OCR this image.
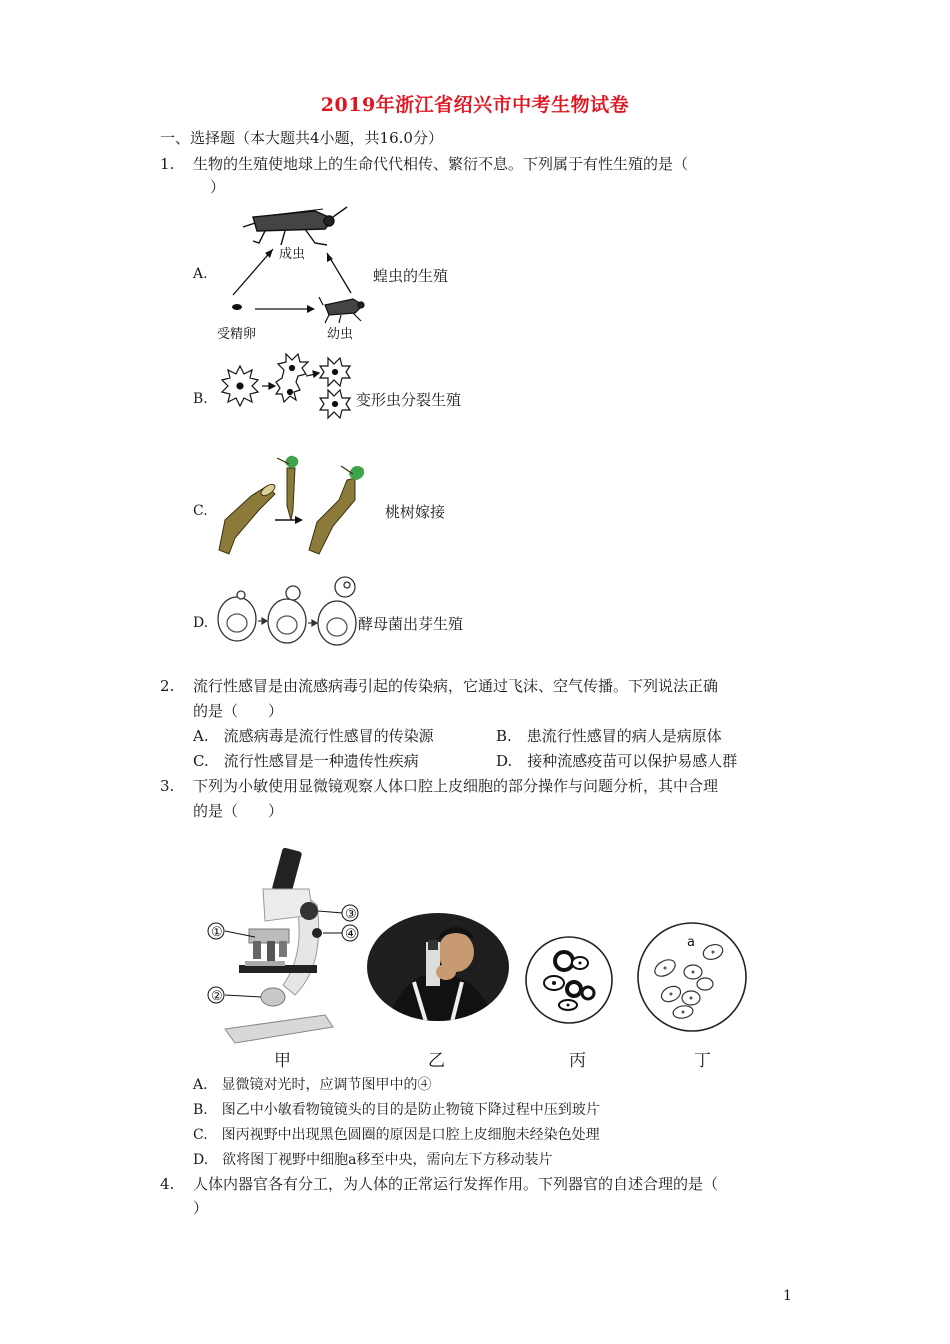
2019年浙江省绍兴市中考生物试卷
一、选择题（本大题共4小题，共16.0分）
1. 生物的生殖使地球上的生命代代相传、繁衍不息。下列属于有性生殖的是（
）
A.
成虫
受精卵	幼虫
蝗虫的生殖
B.	变形虫分裂生殖
C.	桃树嫁接
D.	酵母菌出芽生殖
2. 流行性感冒是由流感病毒引起的传染病，它通过飞沫、空气传播。下列说法正确
的是（　　）
A.　流感病毒是流行性感冒的传染源	B.　患流行性感冒的病人是病原体
C.　流行性感冒是一种遗传性疾病	D.　接种流感疫苗可以保护易感人群
3. 下列为小敏使用显微镜观察人体口腔上皮细胞的部分操作与问题分析，其中合理
的是（　　）
①
②
③
④
a
甲	乙	丙	丁
A.　显微镜对光时，应调节图甲中的④
B.　图乙中小敏看物镜镜头的目的是防止物镜下降过程中压到玻片
C.　图丙视野中出现黑色圆圈的原因是口腔上皮细胞未经染色处理
D.　欲将图丁视野中细胞a移至中央，需向左下方移动装片
4. 人体内器官各有分工，为人体的正常运行发挥作用。下列器官的自述合理的是（
）
1
